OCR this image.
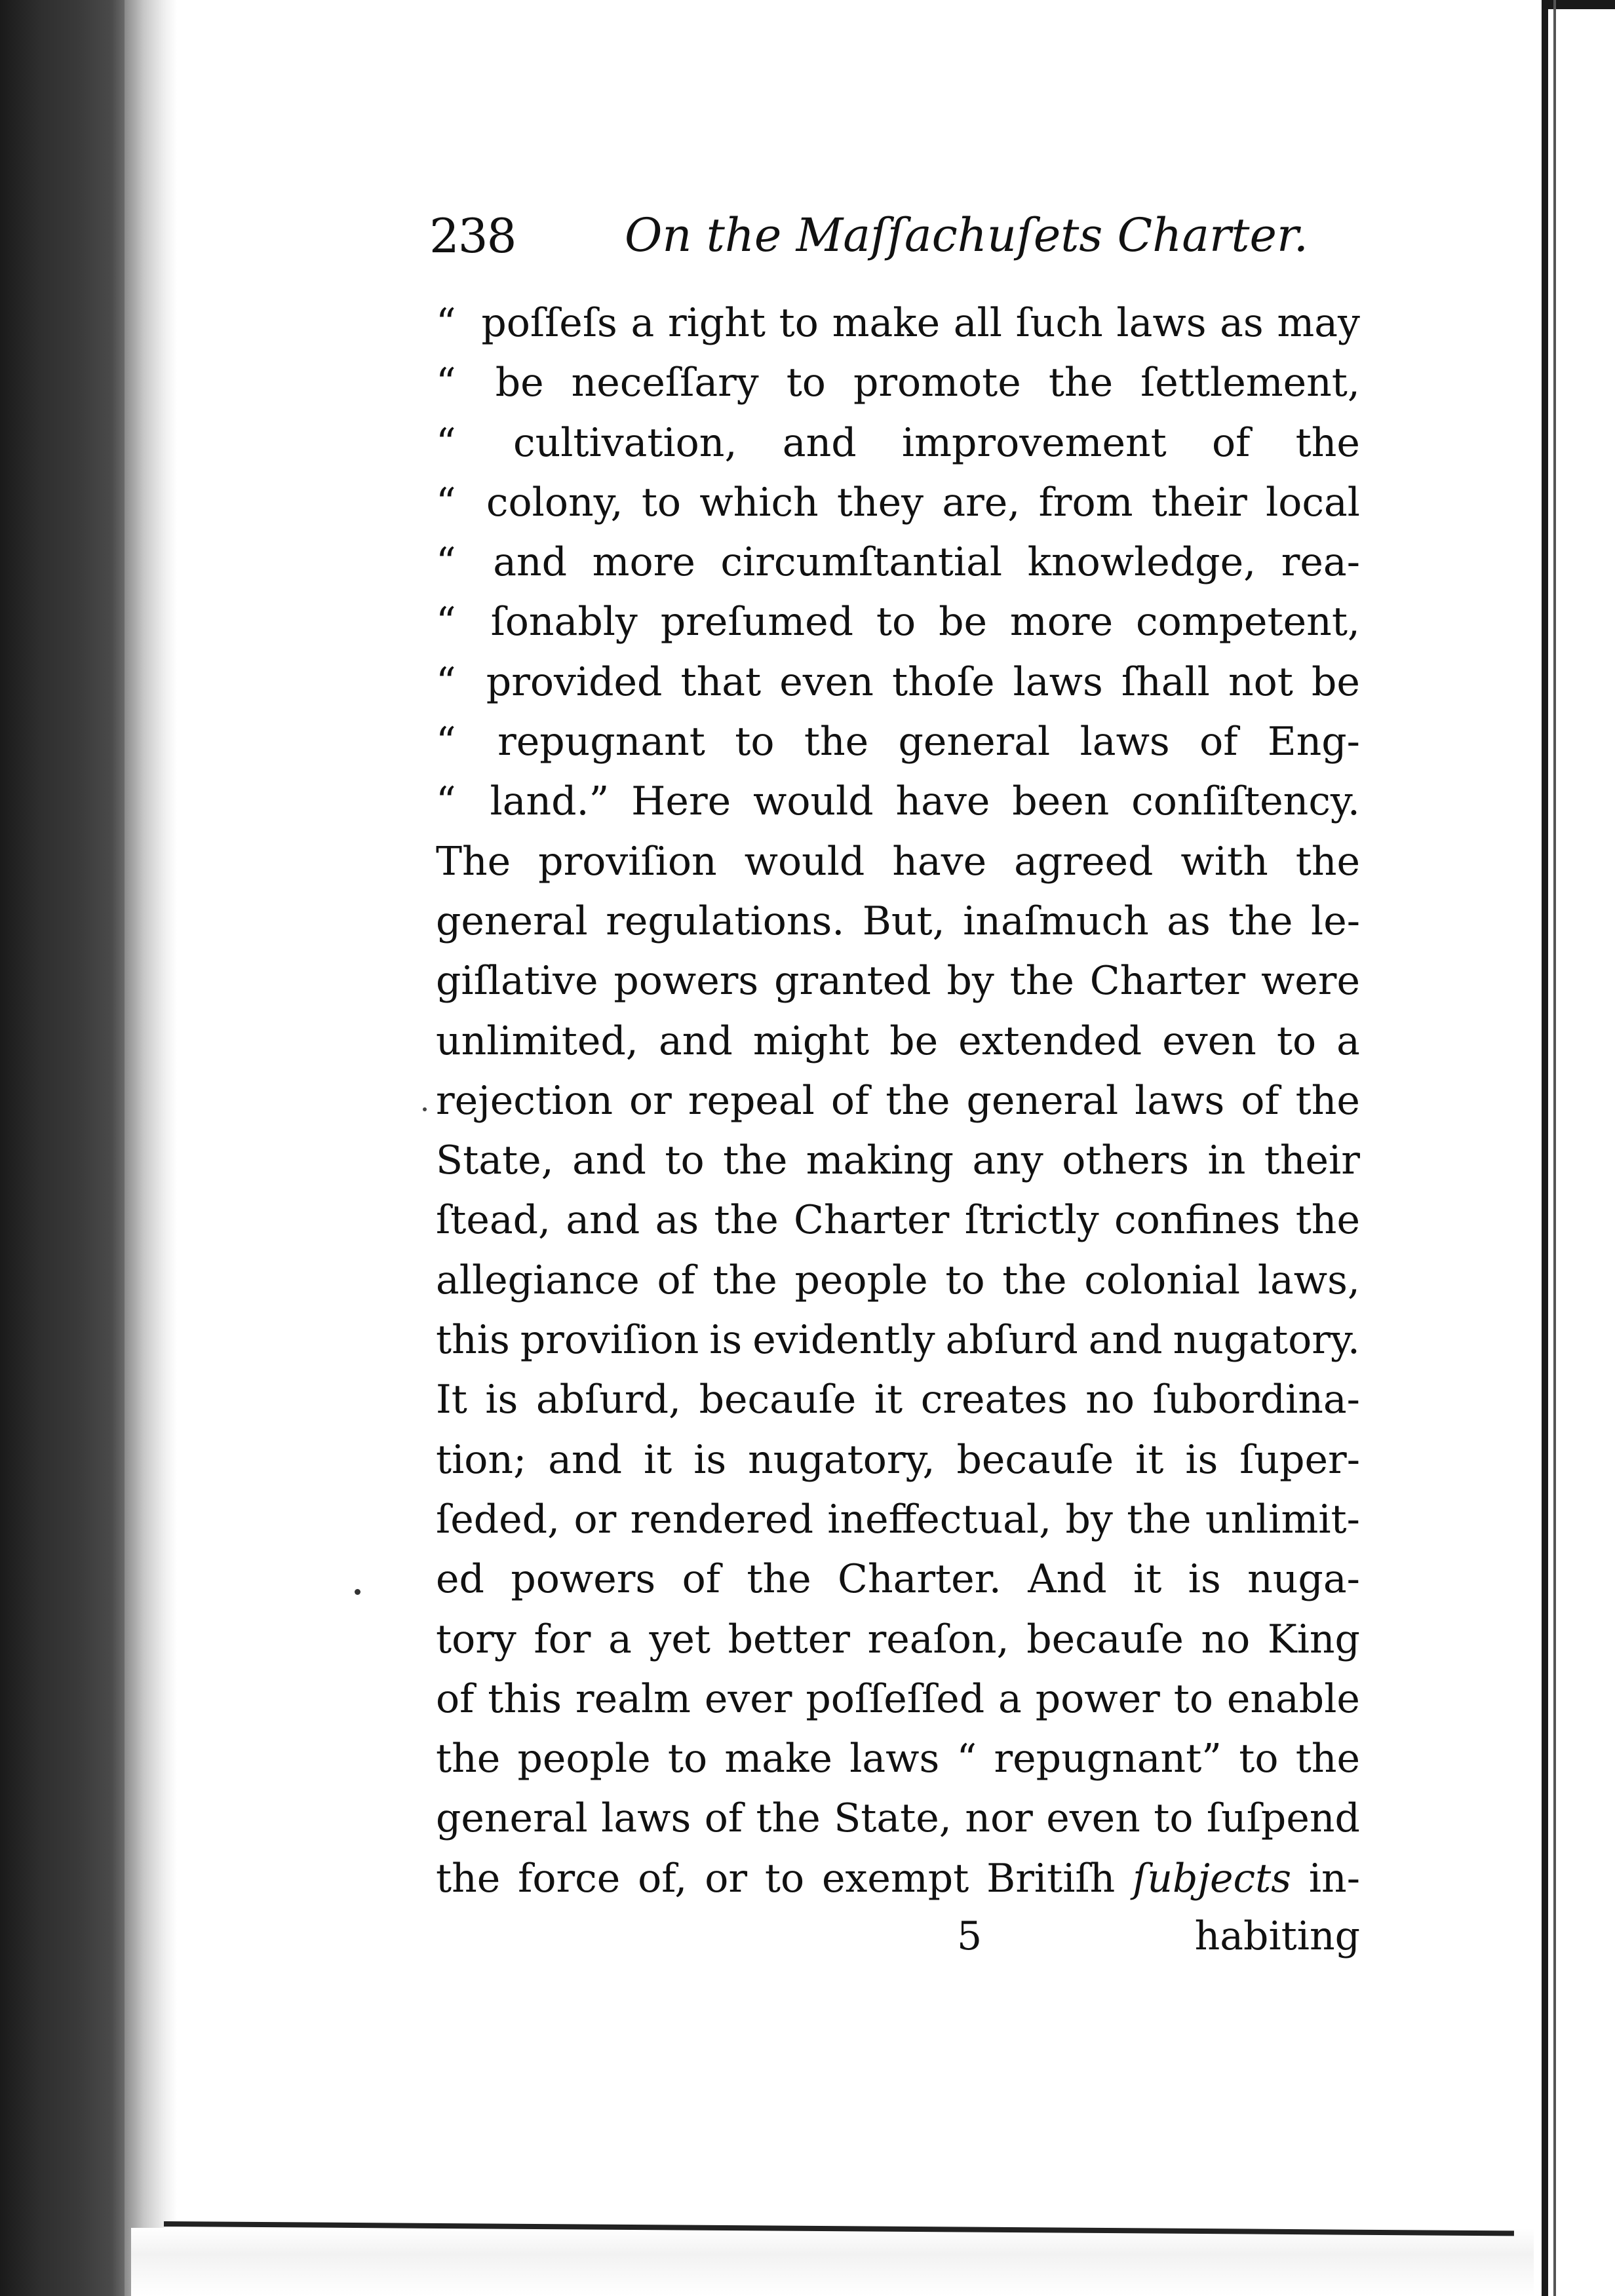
238 On the Maſſachuſets Charter.
“ poſſeſs a right to make all ſuch laws as may
“ be neceſſary to promote the ſettlement,
“ cultivation, and improvement of the
“ colony, to which they are, from their local
“ and more circumſtantial knowledge, rea-
“ ſonably preſumed to be more competent,
“ provided that even thoſe laws ſhall not be
“ repugnant to the general laws of Eng-
“ land.” Here would have been conſiſtency.
The proviſion would have agreed with the
general regulations. But, inaſmuch as the le-
giſlative powers granted by the Charter were
unlimited, and might be extended even to a
rejection or repeal of the general laws of the
State, and to the making any others in their
ſtead, and as the Charter ſtrictly confines the
allegiance of the people to the colonial laws,
this proviſion is evidently abſurd and nugatory.
It is abſurd, becauſe it creates no ſubordina-
tion; and it is nugatory, becauſe it is ſuper-
ſeded, or rendered ineffectual, by the unlimit-
ed powers of the Charter. And it is nuga-
tory for a yet better reaſon, becauſe no King
of this realm ever poſſeſſed a power to enable
the people to make laws “ repugnant” to the
general laws of the State, nor even to ſuſpend
the force of, or to exempt Britiſh ſubjects in-
5	habiting
